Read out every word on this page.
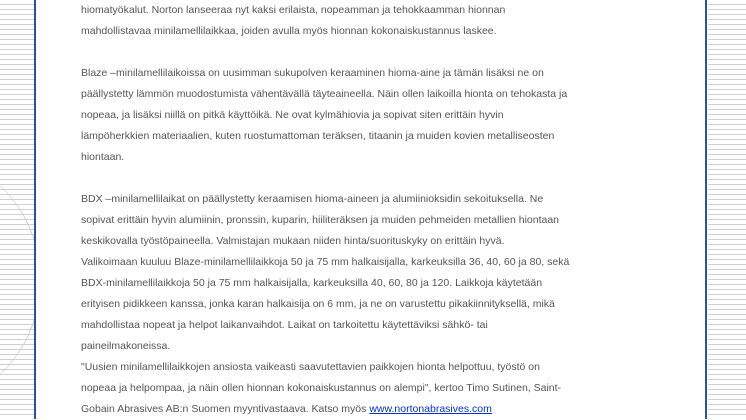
hiomatyökalut. Norton lanseeraa nyt kaksi erilaista, nopeamman ja tehokkaamman hionnan

mahdollistavaa minilamellilaikkaa, joiden avulla myös hionnan kokonaiskustannus laskee.

Blaze –minilamellilaikoissa on uusimman sukupolven keraaminen hioma-aine ja tämän lisäksi ne on

päällystetty lämmön muodostumista vähentävällä täyteaineella. Näin ollen laikoilla hionta on tehokasta ja

nopeaa, ja lisäksi niillä on pitkä käyttöikä. Ne ovat kylmähiovia ja sopivat siten erittäin hyvin

lämpöherkkien materiaalien, kuten ruostumattoman teräksen, titaanin ja muiden kovien metalliseosten

hiontaan.

BDX –minilamellilaikat on päällystetty keraamisen hioma-aineen ja alumiinioksidin sekoituksella. Ne

sopivat erittäin hyvin alumiinin, pronssin, kuparin, hiiliteräksen ja muiden pehmeiden metallien hiontaan

keskikovalla työstöpaineella. Valmistajan mukaan niiden hinta/suorituskyky on erittäin hyvä.

Valikoimaan kuuluu Blaze-minilamellilaikkoja 50 ja 75 mm halkaisijalla, karkeuksilla 36, 40, 60 ja 80, sekä

BDX-minilamellilaikkoja 50 ja 75 mm halkaisijalla, karkeuksilla 40, 60, 80 ja 120. Laikkoja käytetään

erityisen pidikkeen kanssa, jonka karan halkaisija on 6 mm, ja ne on varustettu pikakiinnityksellä, mikä

mahdollistaa nopeat ja helpot laikanvaihdot. Laikat on tarkoitettu käytettäviksi sähkö- tai

paineilmakoneissa.

"Uusien minilamellilaikkojen ansiosta vaikeasti saavutettavien paikkojen hionta helpottuu, työstö on

nopeaa ja helpompaa, ja näin ollen hionnan kokonaiskustannus on alempi", kertoo Timo Sutinen, Saint-

Gobain Abrasives AB:n Suomen myyntivastaava. Katso myös www.nortonabrasives.com
